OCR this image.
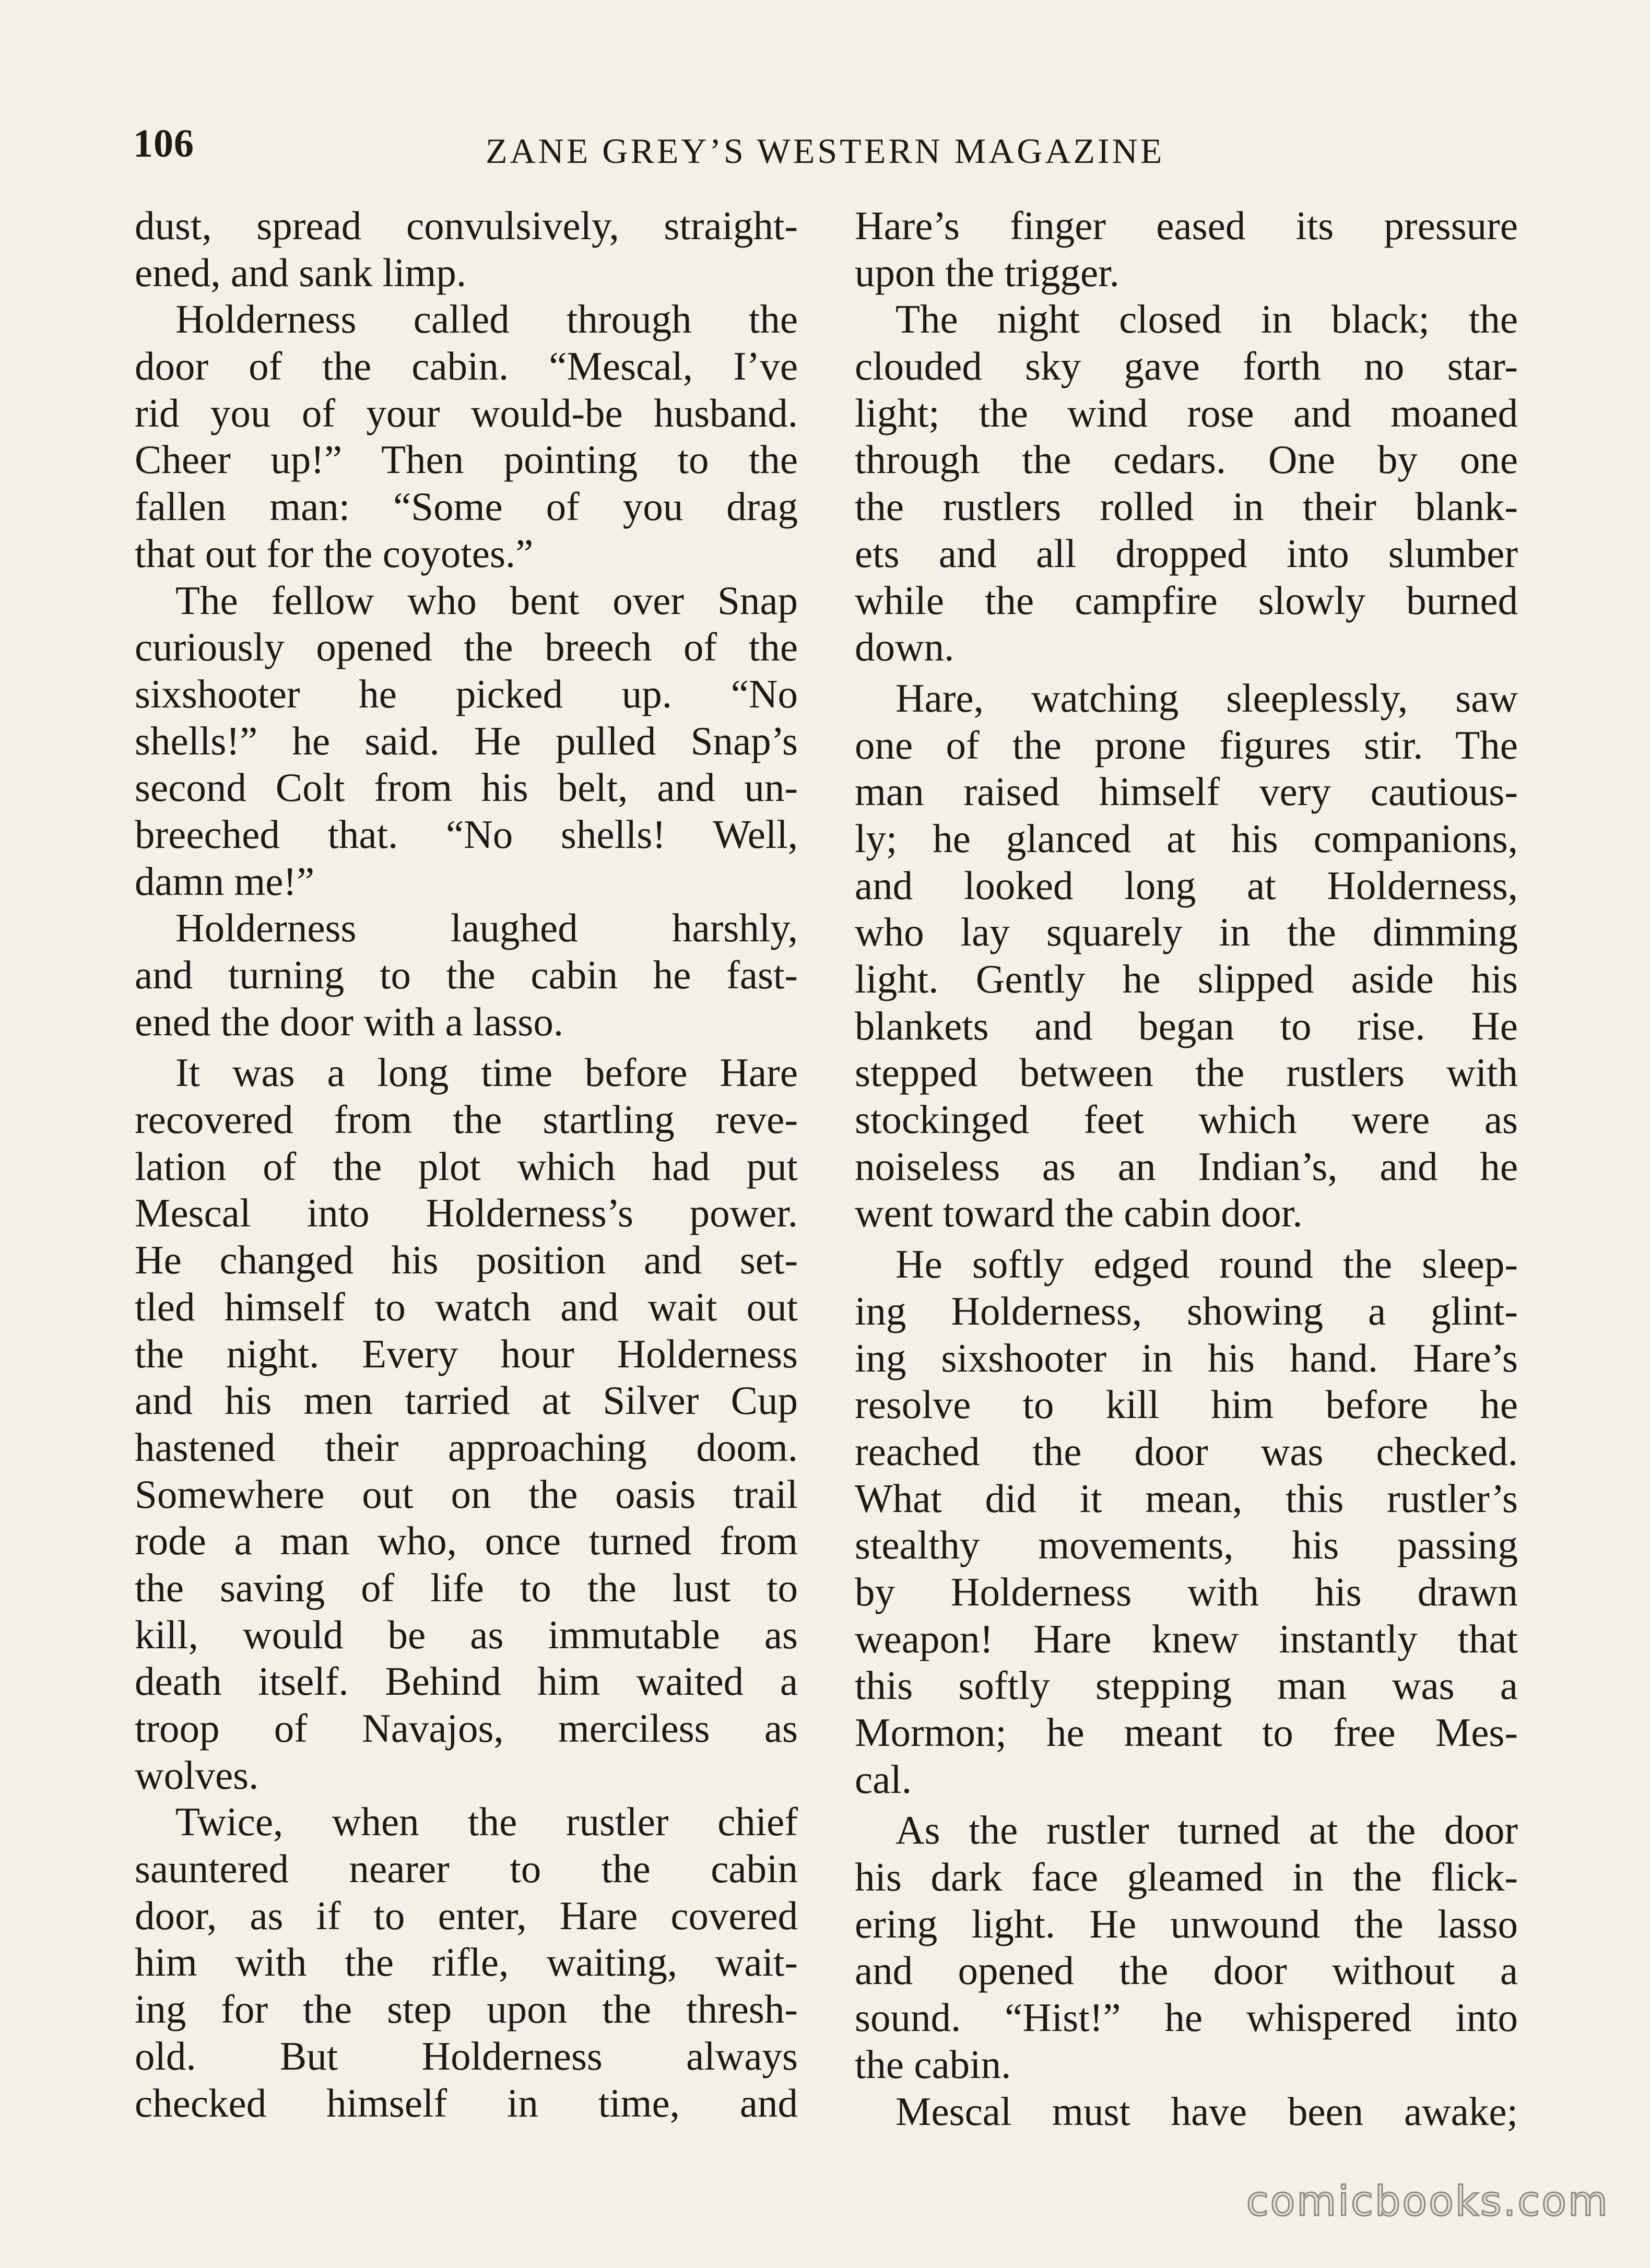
106	ZANE GREY’S WESTERN MAGAZINE
dust, spread convulsively, straight-
ened, and sank limp.
Holderness called through the
door of the cabin. “Mescal, I’ve
rid you of your would-be husband.
Cheer up!” Then pointing to the
fallen man: “Some of you drag
that out for the coyotes.”
The fellow who bent over Snap
curiously opened the breech of the
sixshooter he picked up. “No
shells!” he said. He pulled Snap’s
second Colt from his belt, and un-
breeched that. “No shells! Well,
damn me!”
Holderness laughed harshly,
and turning to the cabin he fast-
ened the door with a lasso.
It was a long time before Hare
recovered from the startling reve-
lation of the plot which had put
Mescal into Holderness’s power.
He changed his position and set-
tled himself to watch and wait out
the night. Every hour Holderness
and his men tarried at Silver Cup
hastened their approaching doom.
Somewhere out on the oasis trail
rode a man who, once turned from
the saving of life to the lust to
kill, would be as immutable as
death itself. Behind him waited a
troop of Navajos, merciless as
wolves.
Twice, when the rustler chief
sauntered nearer to the cabin
door, as if to enter, Hare covered
him with the rifle, waiting, wait-
ing for the step upon the thresh-
old. But Holderness always
checked himself in time, and
Hare’s finger eased its pressure
upon the trigger.
The night closed in black; the
clouded sky gave forth no star-
light; the wind rose and moaned
through the cedars. One by one
the rustlers rolled in their blank-
ets and all dropped into slumber
while the campfire slowly burned
down.
Hare, watching sleeplessly, saw
one of the prone figures stir. The
man raised himself very cautious-
ly; he glanced at his companions,
and looked long at Holderness,
who lay squarely in the dimming
light. Gently he slipped aside his
blankets and began to rise. He
stepped between the rustlers with
stockinged feet which were as
noiseless as an Indian’s, and he
went toward the cabin door.
He softly edged round the sleep-
ing Holderness, showing a glint-
ing sixshooter in his hand. Hare’s
resolve to kill him before he
reached the door was checked.
What did it mean, this rustler’s
stealthy movements, his passing
by Holderness with his drawn
weapon! Hare knew instantly that
this softly stepping man was a
Mormon; he meant to free Mes-
cal.
As the rustler turned at the door
his dark face gleamed in the flick-
ering light. He unwound the lasso
and opened the door without a
sound. “Hist!” he whispered into
the cabin.
Mescal must have been awake;
comicbooks.com
